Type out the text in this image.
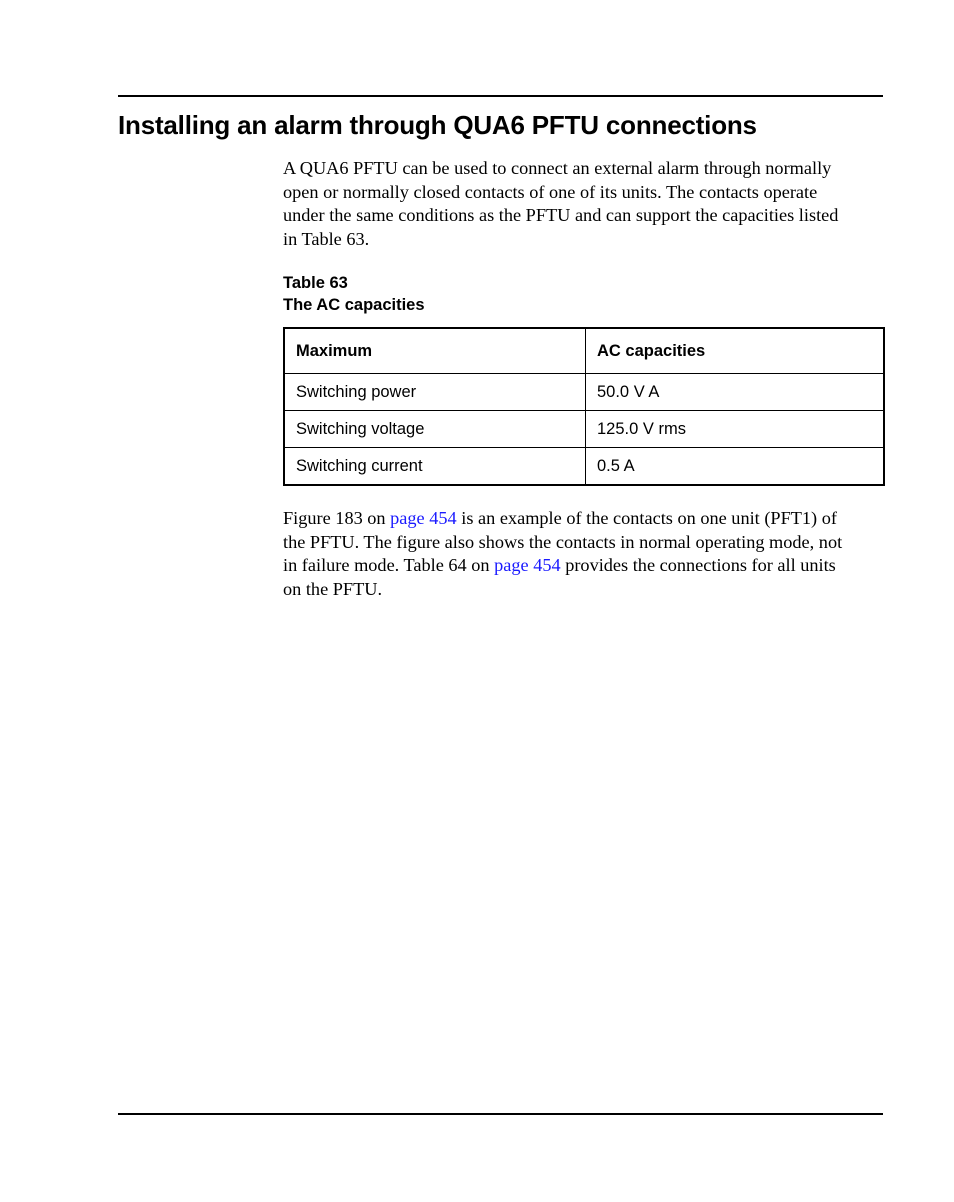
Installing an alarm through QUA6 PFTU connections

A QUA6 PFTU can be used to connect an external alarm through normally
open or normally closed contacts of one of its units. The contacts operate
under the same conditions as the PFTU and can support the capacities listed
in Table 63.

Table 63
The AC capacities
Maximum	AC capacities
Switching power	50.0 V A
Switching voltage	125.0 V rms
Switching current	0.5 A

Figure 183 on page 454 is an example of the contacts on one unit (PFT1) of
the PFTU. The figure also shows the contacts in normal operating mode, not
in failure mode. Table 64 on page 454 provides the connections for all units
on the PFTU.
